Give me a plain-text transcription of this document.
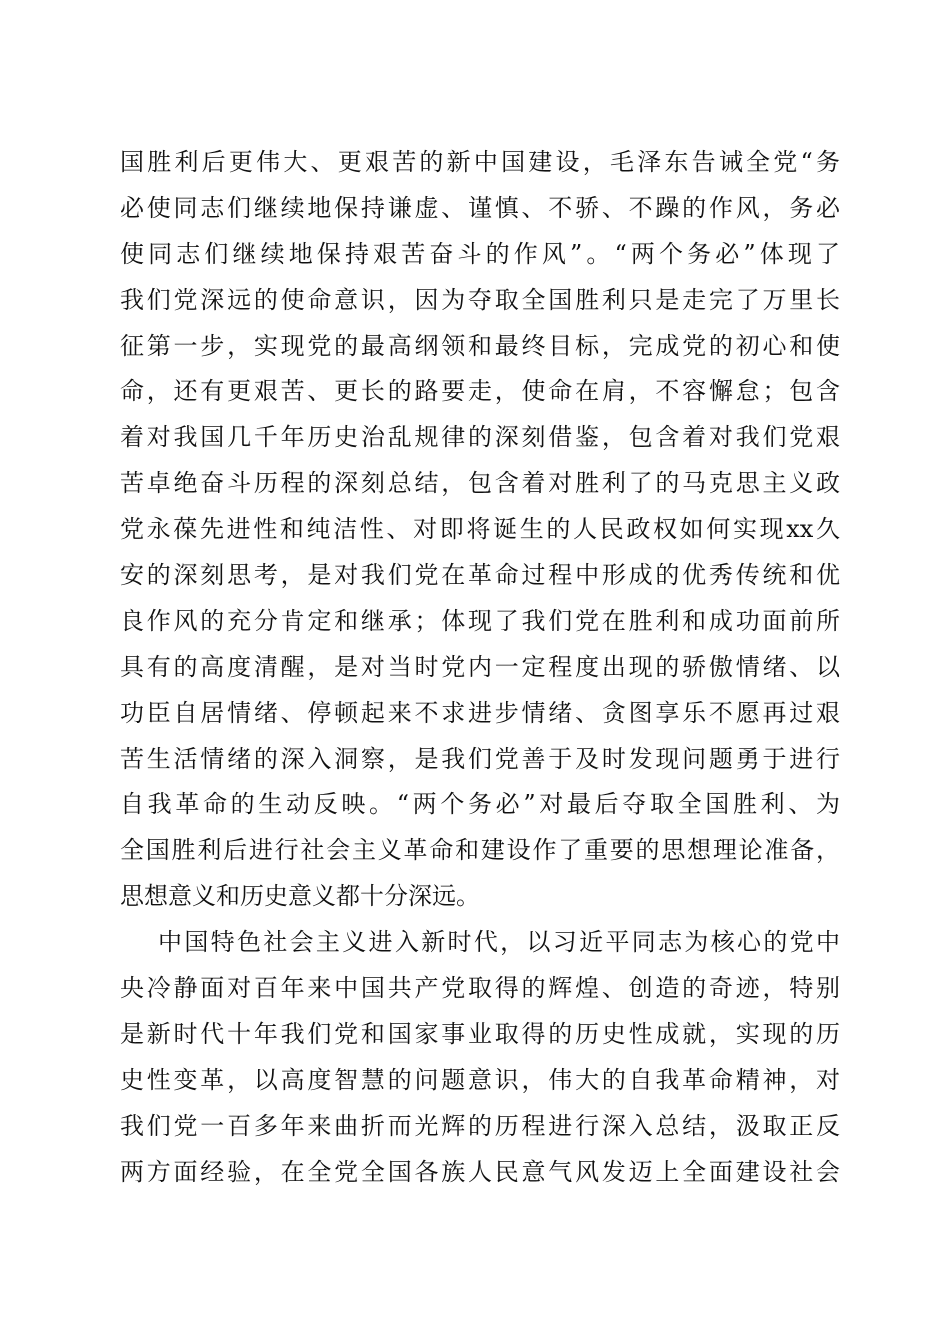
国胜利后更伟大、更艰苦的新中国建设，毛泽东告诫全党“务
必使同志们继续地保持谦虚、谨慎、不骄、不躁的作风，务必
使同志们继续地保持艰苦奋斗的作风”。“两个务必”体现了
我们党深远的使命意识，因为夺取全国胜利只是走完了万里长
征第一步，实现党的最高纲领和最终目标，完成党的初心和使
命，还有更艰苦、更长的路要走，使命在肩，不容懈怠；包含
着对我国几千年历史治乱规律的深刻借鉴，包含着对我们党艰
苦卓绝奋斗历程的深刻总结，包含着对胜利了的马克思主义政
党永葆先进性和纯洁性、对即将诞生的人民政权如何实现xx久
安的深刻思考，是对我们党在革命过程中形成的优秀传统和优
良作风的充分肯定和继承；体现了我们党在胜利和成功面前所
具有的高度清醒，是对当时党内一定程度出现的骄傲情绪、以
功臣自居情绪、停顿起来不求进步情绪、贪图享乐不愿再过艰
苦生活情绪的深入洞察，是我们党善于及时发现问题勇于进行
自我革命的生动反映。“两个务必”对最后夺取全国胜利、为
全国胜利后进行社会主义革命和建设作了重要的思想理论准备，
思想意义和历史意义都十分深远。
中国特色社会主义进入新时代，以习近平同志为核心的党中
央冷静面对百年来中国共产党取得的辉煌、创造的奇迹，特别
是新时代十年我们党和国家事业取得的历史性成就，实现的历
史性变革，以高度智慧的问题意识，伟大的自我革命精神，对
我们党一百多年来曲折而光辉的历程进行深入总结，汲取正反
两方面经验，在全党全国各族人民意气风发迈上全面建设社会
